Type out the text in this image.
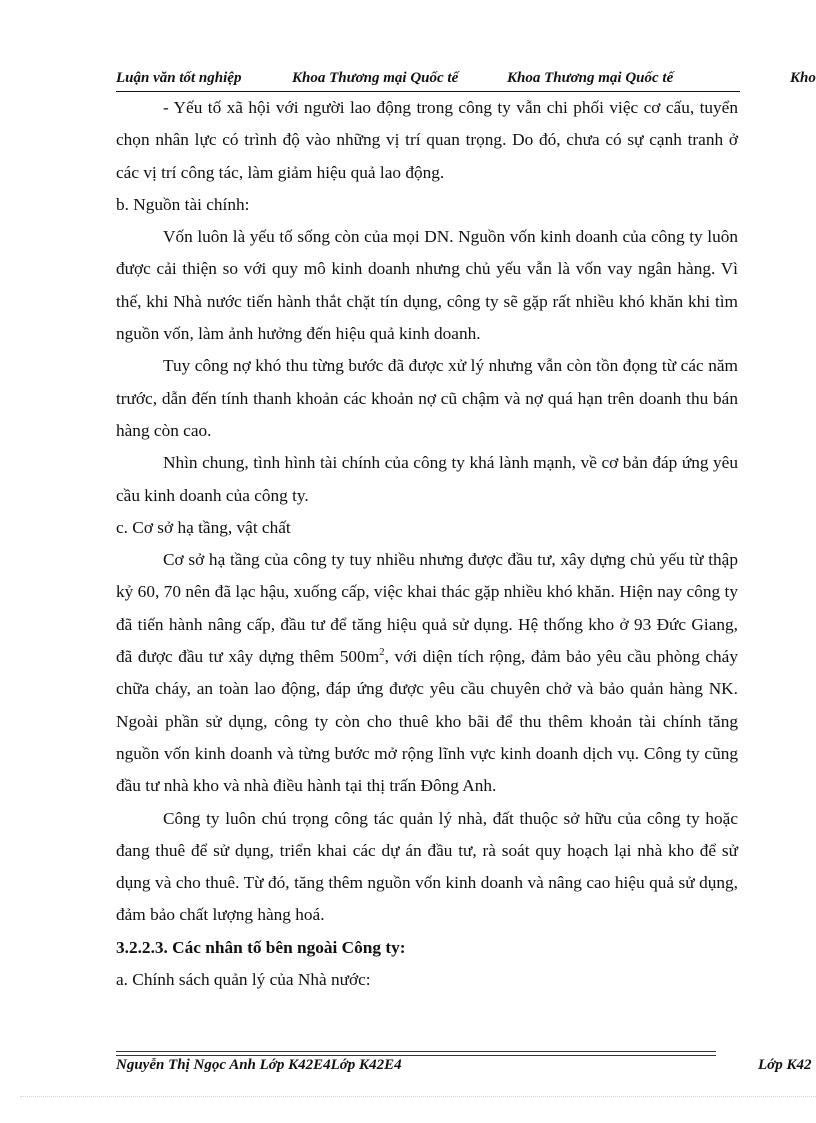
Luận văn tốt nghiệp	Khoa Thương mại Quốc tế	Khoa Thương mại Quốc tế	Kho

- Yếu tố xã hội với người lao động trong công ty vẫn chi phối việc cơ cấu, tuyển chọn nhân lực có trình độ vào những vị trí quan trọng. Do đó, chưa có sự cạnh tranh ở các vị trí công tác, làm giảm hiệu quả lao động.

b. Nguồn tài chính:

Vốn luôn là yếu tố sống còn của mọi DN. Nguồn vốn kinh doanh của công ty luôn được cải thiện so với quy mô kinh doanh nhưng chủ yếu vẫn là vốn vay ngân hàng. Vì thế, khi Nhà nước tiến hành thắt chặt tín dụng, công ty sẽ gặp rất nhiều khó khăn khi tìm nguồn vốn, làm ảnh hưởng đến hiệu quả kinh doanh.

Tuy công nợ khó thu từng bước đã được xử lý nhưng vẫn còn tồn đọng từ các năm trước, dẫn đến tính thanh khoản các khoản nợ cũ chậm và nợ quá hạn trên doanh thu bán hàng còn cao.

Nhìn chung, tình hình tài chính của công ty khá lành mạnh, về cơ bản đáp ứng yêu cầu kinh doanh của công ty.

c. Cơ sở hạ tầng, vật chất

Cơ sở hạ tầng của công ty tuy nhiều nhưng được đầu tư, xây dựng chủ yếu từ thập kỷ 60, 70 nên đã lạc hậu, xuống cấp, việc khai thác gặp nhiều khó khăn. Hiện nay công ty đã tiến hành nâng cấp, đầu tư để tăng hiệu quả sử dụng. Hệ thống kho ở 93 Đức Giang, đã được đầu tư xây dựng thêm $500m^2$, với diện tích rộng, đảm bảo yêu cầu phòng cháy chữa cháy, an toàn lao động, đáp ứng được yêu cầu chuyên chở và bảo quản hàng NK. Ngoài phần sử dụng, công ty còn cho thuê kho bãi để thu thêm khoản tài chính tăng nguồn vốn kinh doanh và từng bước mở rộng lĩnh vực kinh doanh dịch vụ. Công ty cũng đầu tư nhà kho và nhà điều hành tại thị trấn Đông Anh.

Công ty luôn chú trọng công tác quản lý nhà, đất thuộc sở hữu của công ty hoặc đang thuê để sử dụng, triển khai các dự án đầu tư, rà soát quy hoạch lại nhà kho để sử dụng và cho thuê. Từ đó, tăng thêm nguồn vốn kinh doanh và nâng cao hiệu quả sử dụng, đảm bảo chất lượng hàng hoá.

3.2.2.3. Các nhân tố bên ngoài Công ty:

a. Chính sách quản lý của Nhà nước:

Nguyễn Thị Ngọc Anh Lớp K42E4Lớp K42E4	Lớp K42
